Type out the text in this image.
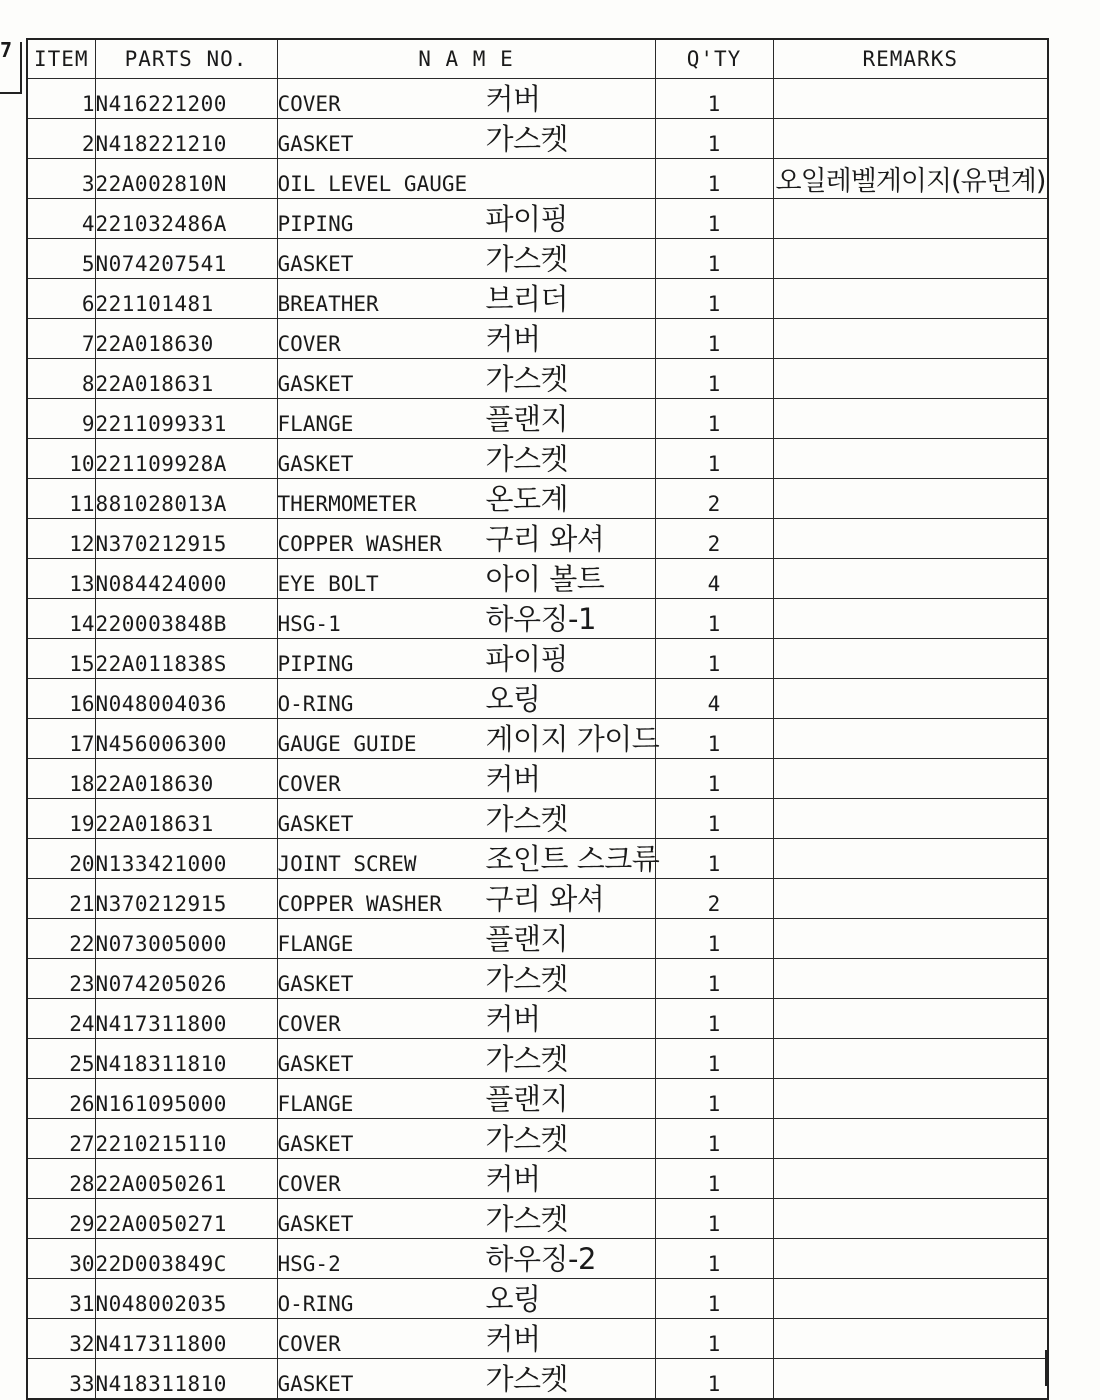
7 ITEM	PARTS NO.	N A M E	Q'TY	REMARKS
1	N416221200	COVER 커버	1	

2	N418221210	GASKET 가스켓	1	

3	22A002810N	OIL LEVEL GAUGE	1	오일레벨게이지(유면계)

4	221032486A	PIPING 파이핑	1	

5	N074207541	GASKET 가스켓	1	

6	221101481	BREATHER 브리더	1	

7	22A018630	COVER 커버	1	

8	22A018631	GASKET 가스켓	1	

9	2211099331	FLANGE 플랜지	1	

10	221109928A	GASKET 가스켓	1	

11	881028013A	THERMOMETER 온도계	2	

12	N370212915	COPPER WASHER 구리 와셔	2	

13	N084424000	EYE BOLT 아이 볼트	4	

14	220003848B	HSG-1 하우징-1	1	

15	22A011838S	PIPING 파이핑	1	

16	N048004036	O-RING 오링	4	

17	N456006300	GAUGE GUIDE 게이지 가이드	1	

18	22A018630	COVER 커버	1	

19	22A018631	GASKET 가스켓	1	

20	N133421000	JOINT SCREW 조인트 스크류	1	

21	N370212915	COPPER WASHER 구리 와셔	2	

22	N073005000	FLANGE 플랜지	1	

23	N074205026	GASKET 가스켓	1	

24	N417311800	COVER 커버	1	

25	N418311810	GASKET 가스켓	1	

26	N161095000	FLANGE 플랜지	1	

27	2210215110	GASKET 가스켓	1	

28	22A0050261	COVER 커버	1	

29	22A0050271	GASKET 가스켓	1	

30	22D003849C	HSG-2 하우징-2	1	

31	N048002035	O-RING 오링	1	

32	N417311800	COVER 커버	1	

33	N418311810	GASKET 가스켓	1	
